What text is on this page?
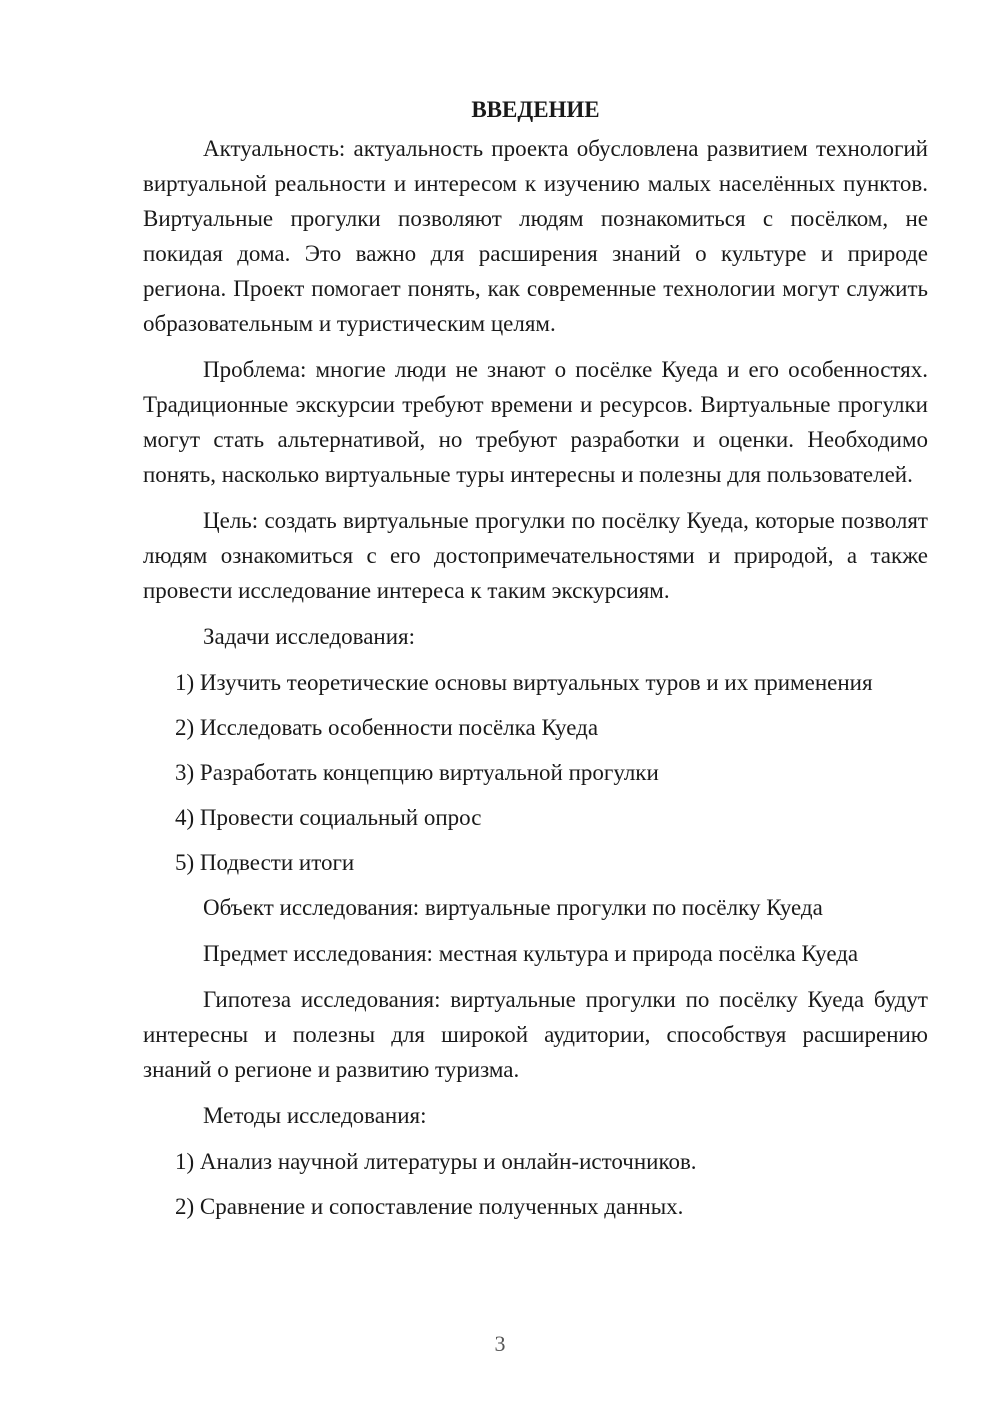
ВВЕДЕНИЕ

Актуальность: актуальность проекта обусловлена развитием технологий виртуальной реальности и интересом к изучению малых населённых пунктов. Виртуальные прогулки позволяют людям познакомиться с посёлком, не покидая дома. Это важно для расширения знаний о культуре и природе региона. Проект помогает понять, как современные технологии могут служить образовательным и туристическим целям.

Проблема: многие люди не знают о посёлке Куеда и его особенностях. Традиционные экскурсии требуют времени и ресурсов. Виртуальные прогулки могут стать альтернативой, но требуют разработки и оценки. Необходимо понять, насколько виртуальные туры интересны и полезны для пользователей.

Цель: создать виртуальные прогулки по посёлку Куеда, которые позволят людям ознакомиться с его достопримечательностями и природой, а также провести исследование интереса к таким экскурсиям.

Задачи исследования:
1) Изучить теоретические основы виртуальных туров и их применения
2) Исследовать особенности посёлка Куеда
3) Разработать концепцию виртуальной прогулки
4) Провести социальный опрос
5) Подвести итоги
Объект исследования: виртуальные прогулки по посёлку Куеда
Предмет исследования: местная культура и природа посёлка Куеда

Гипотеза исследования: виртуальные прогулки по посёлку Куеда будут интересны и полезны для широкой аудитории, способствуя расширению знаний о регионе и развитию туризма.

Методы исследования:
1) Анализ научной литературы и онлайн-источников.
2) Сравнение и сопоставление полученных данных.
3
